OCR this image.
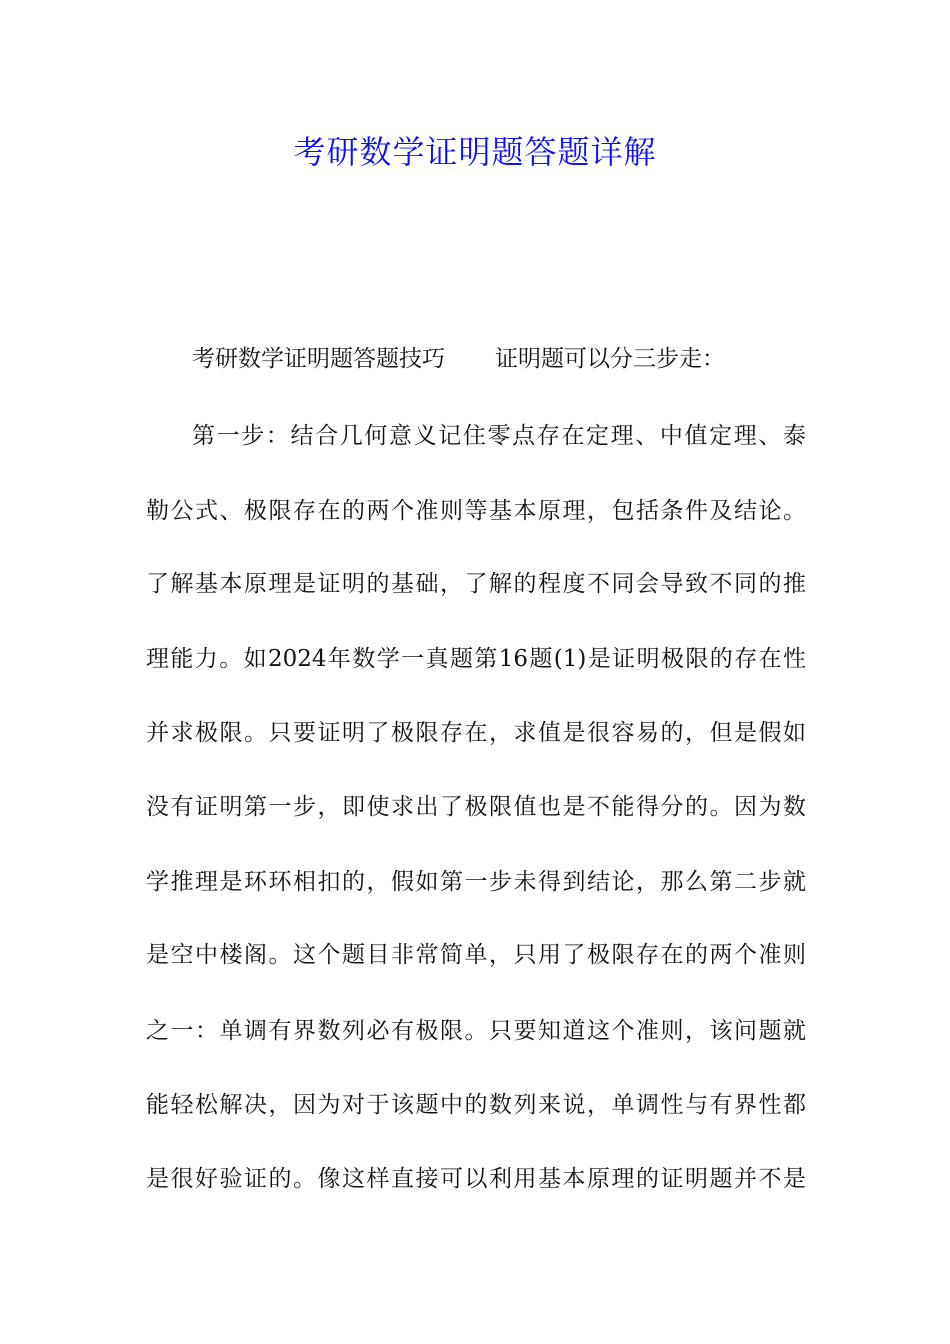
考研数学证明题答题详解
考研数学证明题答题技巧 证明题可以分三步走：
第一步：结合几何意义记住零点存在定理、中值定理、泰
勒公式、极限存在的两个准则等基本原理，包括条件及结论。
了解基本原理是证明的基础，了解的程度不同会导致不同的推
理能力。如2024年数学一真题第16题(1)是证明极限的存在性
并求极限。只要证明了极限存在，求值是很容易的，但是假如
没有证明第一步，即使求出了极限值也是不能得分的。因为数
学推理是环环相扣的，假如第一步未得到结论，那么第二步就
是空中楼阁。这个题目非常简单，只用了极限存在的两个准则
之一：单调有界数列必有极限。只要知道这个准则，该问题就
能轻松解决，因为对于该题中的数列来说，单调性与有界性都
是很好验证的。像这样直接可以利用基本原理的证明题并不是
